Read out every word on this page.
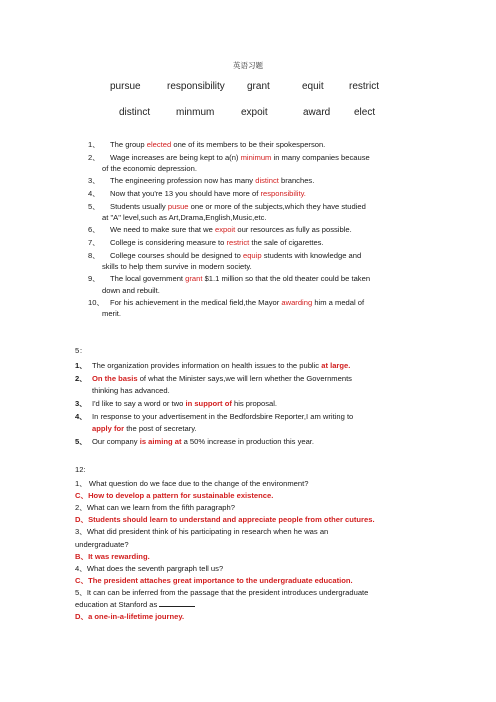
英语习题
pursue	responsibility grant	equit	restrict
distinct	minmum	expoit	award elect
1、 The group elected one of its members to be their spokesperson.
2、 Wage increases are being kept to a(n) minimum in many companies because
of the economic depression.
3、 The engineering profession now has many distinct branches.
4、 Now that you're 13 you should have more of responsibility.
5、 Students usually pusue one or more of the subjects,which they have studied
at "A" level,such as Art,Drama,English,Music,etc.
6、 We need to make sure that we expoit our resources as fully as possible.
7、 College is considering measure to restrict the sale of cigarettes.
8、 College courses should be designed to equip students with knowledge and
skills to help them survive in modern society.
9、 The local government grant $1.1 million so that the old theater could be taken
down and rebuilt.
10、 For his achievement in the medical field,the Mayor awarding him a medal of
merit.
5：
1、 The organization provides information on health issues to the public at large.
2、 On the basis of what the Minister says,we will lern whether the Governments
thinking has advanced.
3、 I'd like to say a word or two in support of his proposal.
4、 In response to your advertisement in the Bedfordsbire Reporter,I am writing to
apply for the post of secretary.
5、 Our company is aiming at a 50% increase in production this year.
12:
1、 What question do we face due to the change of the environment?
C、How to develop a pattern for sustainable existence.
2、What can we learn from the fifth paragraph?
D、Students should learn to understand and appreciate people from other cutures.
3、What did president think of his participating in research when he was an
undergraduate?
B、It was rewarding.
4、What does the seventh pargraph tell us?
C、The president attaches great importance to the undergraduate education.
5、It can can be inferred from the passage that the president introduces undergraduate
education at Stanford as
D、a one-in-a-lifetime journey.
